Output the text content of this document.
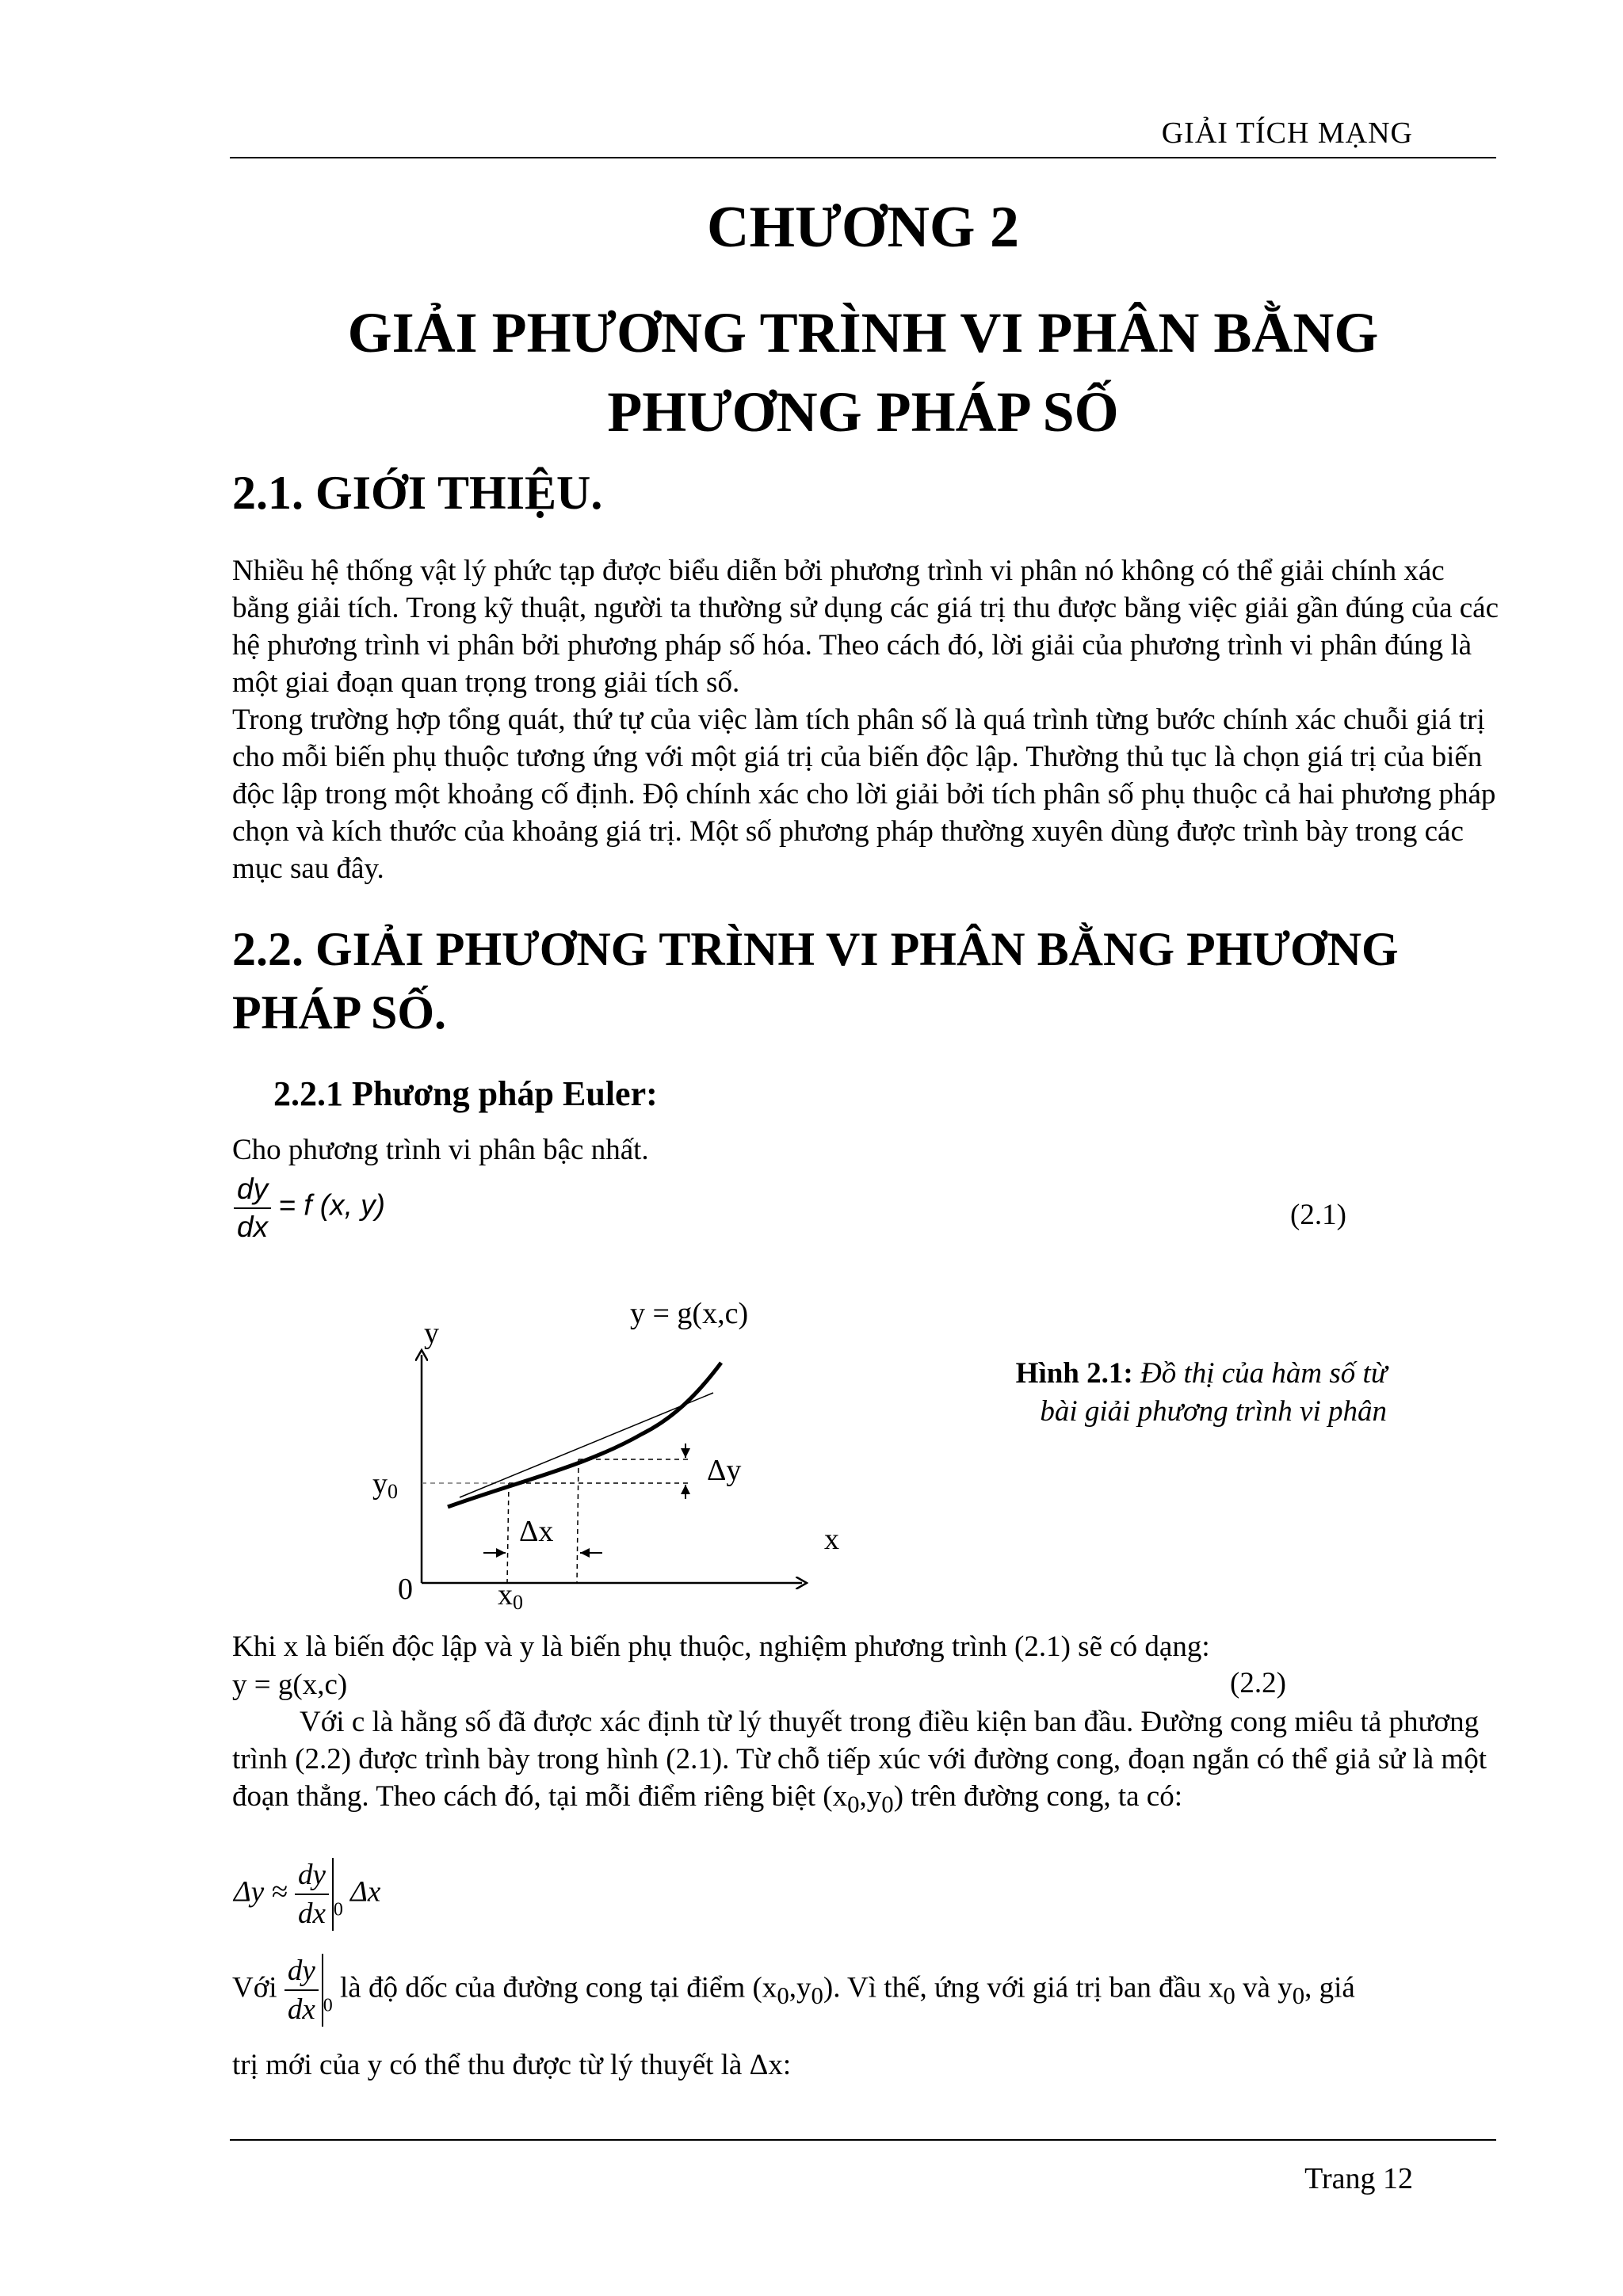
GIẢI TÍCH MẠNG
CHƯƠNG 2
GIẢI PHƯƠNG TRÌNH VI PHÂN BẰNG
PHƯƠNG PHÁP SỐ
2.1. GIỚI THIỆU.

Nhiều hệ thống vật lý phức tạp được biểu diễn bởi phương trình vi phân nó không có thể giải chính xác bằng giải tích. Trong kỹ thuật, người ta thường sử dụng các giá trị thu được bằng việc giải gần đúng của các hệ phương trình vi phân bởi phương pháp số hóa. Theo cách đó, lời giải của phương trình vi phân đúng là một giai đoạn quan trọng trong giải tích số.

Trong trường hợp tổng quát, thứ tự của việc làm tích phân số là quá trình từng bước chính xác chuỗi giá trị cho mỗi biến phụ thuộc tương ứng với một giá trị của biến độc lập. Thường thủ tục là chọn giá trị của biến độc lập trong một khoảng cố định. Độ chính xác cho lời giải bởi tích phân số phụ thuộc cả hai phương pháp chọn và kích thước của khoảng giá trị. Một số phương pháp thường xuyên dùng được trình bày trong các mục sau đây.

2.2. GIẢI PHƯƠNG TRÌNH VI PHÂN BẰNG PHƯƠNG
PHÁP SỐ.
2.2.1 Phương pháp Euler:
Cho phương trình vi phân bậc nhất.
$\frac{dy}{dx} = f$ (x, y)	(2.1)
y = g(x,c)
y
x
y0
0	x0
Δx
Δy
Hình 2.1: Đồ thị của hàm số từ
bài giải phương trình vi phân
Khi x là biến độc lập và y là biến phụ thuộc, nghiệm phương trình (2.1) sẽ có dạng:
y = g(x,c)	(2.2)
Với c là hằng số đã được xác định từ lý thuyết trong điều kiện ban đầu. Đường cong miêu tả phương trình (2.2) được trình bày trong hình (2.1). Từ chỗ tiếp xúc với đường cong, đoạn ngắn có thể giả sử là một đoạn thẳng. Theo cách đó, tại mỗi điểm riêng biệt $(x_0,y_0)$ trên đường cong, ta có:
$\Delta y \approx \frac{dy}{dx} _0$ Δx
Với $\frac{dy}{dx} _0$ là độ dốc của đường cong tại điểm $(x_0,y_0)$. Vì thế, ứng với giá trị ban đầu $x_0$ và $y_0$, giá
trị mới của y có thể thu được từ lý thuyết là Δx:
Trang 12
